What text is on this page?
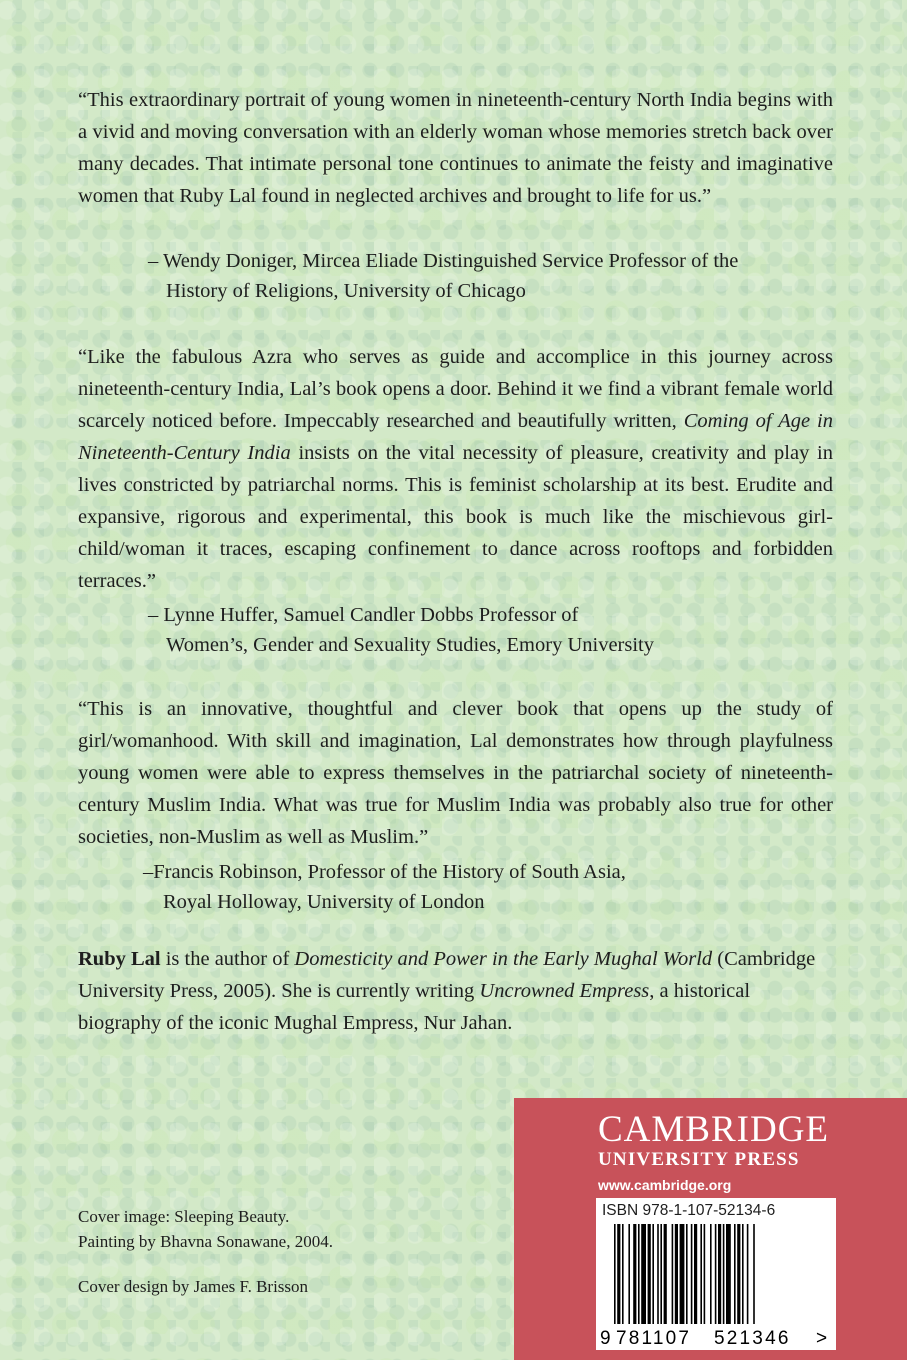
“This extraordinary portrait of young women in nineteenth-century North India begins with a vivid and moving conversation with an elderly woman whose memories stretch back over many decades. That intimate personal tone continues to animate the feisty and imaginative women that Ruby Lal found in neglected archives and brought to life for us.”

– Wendy Doniger, Mircea Eliade Distinguished Service Professor of the
History of Religions, University of Chicago

“Like the fabulous Azra who serves as guide and accomplice in this journey across nineteenth-century India, Lal’s book opens a door. Behind it we find a vibrant female world scarcely noticed before. Impeccably researched and beautifully written, Coming of Age in Nineteenth-Century India insists on the vital necessity of pleasure, creativity and play in lives constricted by patriarchal norms. This is feminist scholarship at its best. Erudite and expansive, rigorous and experimental, this book is much like the mischievous girl-child/woman it traces, escaping confinement to dance across rooftops and forbidden terraces.”

– Lynne Huffer, Samuel Candler Dobbs Professor of
Women’s, Gender and Sexuality Studies, Emory University

“This is an innovative, thoughtful and clever book that opens up the study of girl/womanhood. With skill and imagination, Lal demonstrates how through playfulness young women were able to express themselves in the patriarchal society of nineteenth-century Muslim India. What was true for Muslim India was probably also true for other societies, non-Muslim as well as Muslim.”

–Francis Robinson, Professor of the History of South Asia,
Royal Holloway, University of London

Ruby Lal is the author of Domesticity and Power in the Early Mughal World (Cambridge University Press, 2005). She is currently writing Uncrowned Empress, a historical biography of the iconic Mughal Empress, Nur Jahan.

Cover image: Sleeping Beauty.
Painting by Bhavna Sonawane, 2004.
Cover design by James F. Brisson
CAMBRIDGE
UNIVERSITY PRESS
www.cambridge.org
ISBN 978-1-107-52134-6
9 781107 521346 >
